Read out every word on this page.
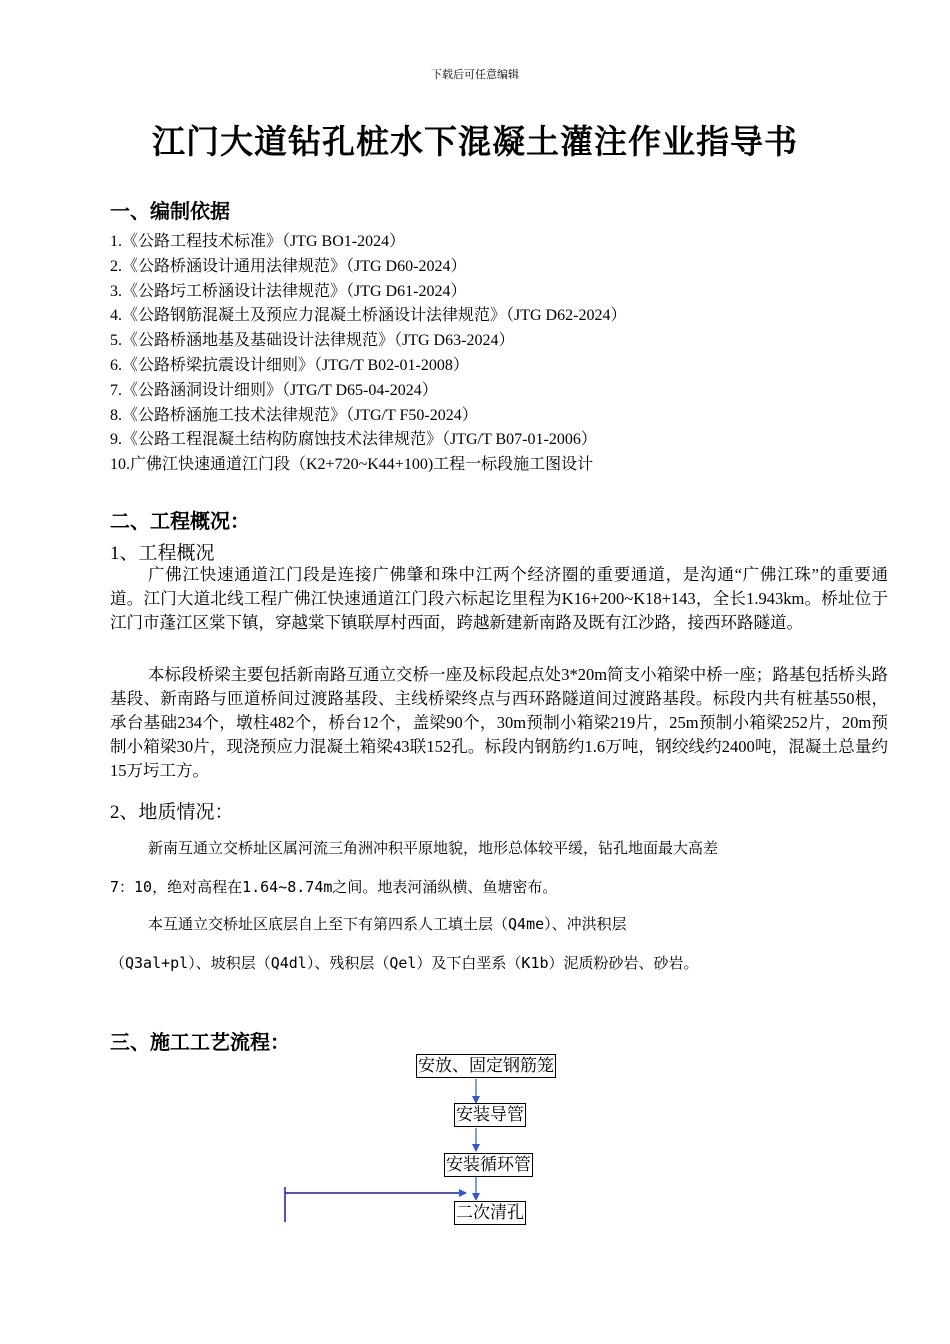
下载后可任意编辑
江门大道钻孔桩水下混凝土灌注作业指导书
一、编制依据
1.《公路工程技术标准》（JTG BO1-2024）
2.《公路桥涵设计通用法律规范》（JTG D60-2024）
3.《公路圬工桥涵设计法律规范》（JTG D61-2024）
4.《公路钢筋混凝土及预应力混凝土桥涵设计法律规范》（JTG D62-2024）
5.《公路桥涵地基及基础设计法律规范》（JTG D63-2024）
6.《公路桥梁抗震设计细则》（JTG/T B02-01-2008）
7.《公路涵洞设计细则》（JTG/T D65-04-2024）
8.《公路桥涵施工技术法律规范》（JTG/T F50-2024）
9.《公路工程混凝土结构防腐蚀技术法律规范》（JTG/T B07-01-2006）
10.广佛江快速通道江门段（K2+720~K44+100)工程一标段施工图设计
二、工程概况：
1、工程概况
广佛江快速通道江门段是连接广佛肇和珠中江两个经济圈的重要通道，是沟通“广佛江珠”的重要通道。江门大道北线工程广佛江快速通道江门段六标起讫里程为K16+200~K18+143，全长1.943km。桥址位于江门市蓬江区棠下镇，穿越棠下镇联厚村西面，跨越新建新南路及既有江沙路，接西环路隧道。
本标段桥梁主要包括新南路互通立交桥一座及标段起点处3*20m简支小箱梁中桥一座；路基包括桥头路基段、新南路与匝道桥间过渡路基段、主线桥梁终点与西环路隧道间过渡路基段。标段内共有桩基550根，承台基础234个，墩柱482个，桥台12个，盖梁90个，30m预制小箱梁219片，25m预制小箱梁252片，20m预制小箱梁30片，现浇预应力混凝土箱梁43联152孔。标段内钢筋约1.6万吨，钢绞线约2400吨，混凝土总量约15万圬工方。
2、地质情况：
新南互通立交桥址区属河流三角洲冲积平原地貌，地形总体较平缓，钻孔地面最大高差
7：10，绝对高程在1.64~8.74m之间。地表河涌纵横、鱼塘密布。
本互通立交桥址区底层自上至下有第四系人工填土层（Q4me）、冲洪积层
（Q3al+pl）、坡积层（Q4dl）、残积层（Qel）及下白垩系（K1b）泥质粉砂岩、砂岩。
三、施工工艺流程：
安放、固定钢筋笼
安装导管
安装循环管
二次清孔
